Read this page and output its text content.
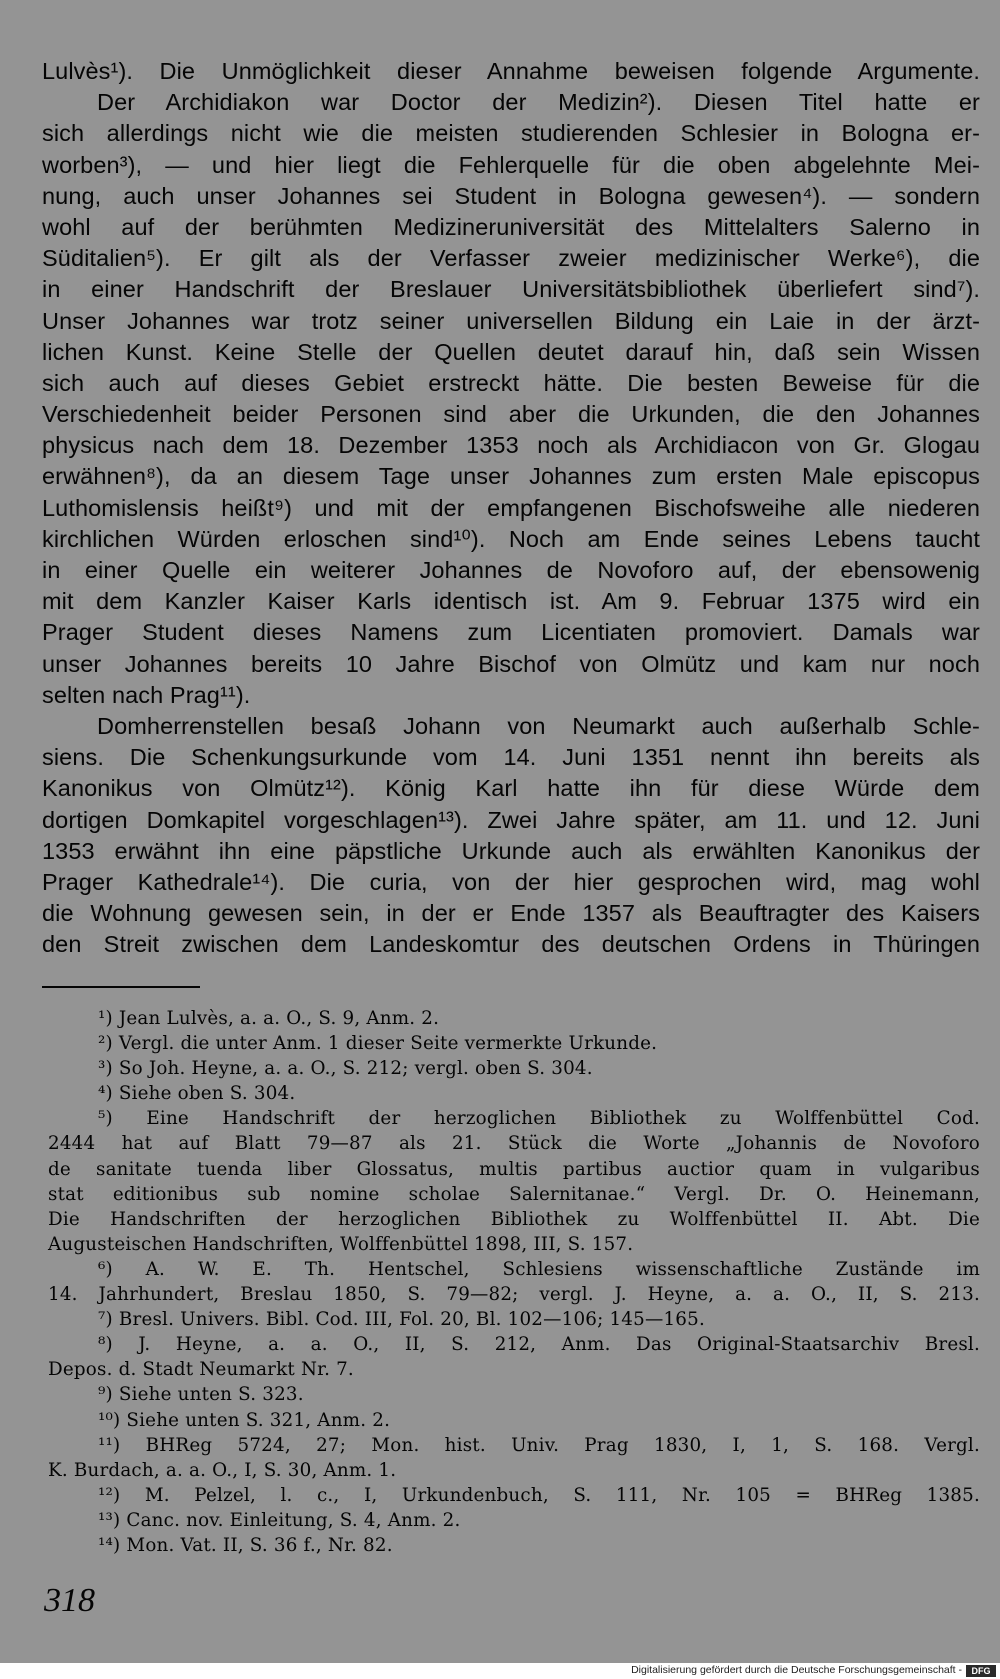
Lulvès¹). Die Unmöglichkeit dieser Annahme beweisen folgende Argumente.
Der Archidiakon war Doctor der Medizin²). Diesen Titel hatte er
sich allerdings nicht wie die meisten studierenden Schlesier in Bologna er-
worben³), — und hier liegt die Fehlerquelle für die oben abgelehnte Mei-
nung, auch unser Johannes sei Student in Bologna gewesen⁴). — sondern
wohl auf der berühmten Medizineruniversität des Mittelalters Salerno in
Süditalien⁵). Er gilt als der Verfasser zweier medizinischer Werke⁶), die
in einer Handschrift der Breslauer Universitätsbibliothek überliefert sind⁷).
Unser Johannes war trotz seiner universellen Bildung ein Laie in der ärzt-
lichen Kunst. Keine Stelle der Quellen deutet darauf hin, daß sein Wissen
sich auch auf dieses Gebiet erstreckt hätte. Die besten Beweise für die
Verschiedenheit beider Personen sind aber die Urkunden, die den Johannes
physicus nach dem 18. Dezember 1353 noch als Archidiacon von Gr. Glogau
erwähnen⁸), da an diesem Tage unser Johannes zum ersten Male episcopus
Luthomislensis heißt⁹) und mit der empfangenen Bischofsweihe alle niederen
kirchlichen Würden erloschen sind¹⁰). Noch am Ende seines Lebens taucht
in einer Quelle ein weiterer Johannes de Novoforo auf, der ebensowenig
mit dem Kanzler Kaiser Karls identisch ist. Am 9. Februar 1375 wird ein
Prager Student dieses Namens zum Licentiaten promoviert. Damals war
unser Johannes bereits 10 Jahre Bischof von Olmütz und kam nur noch
selten nach Prag¹¹).
Domherrenstellen besaß Johann von Neumarkt auch außerhalb Schle-
siens. Die Schenkungsurkunde vom 14. Juni 1351 nennt ihn bereits als
Kanonikus von Olmütz¹²). König Karl hatte ihn für diese Würde dem
dortigen Domkapitel vorgeschlagen¹³). Zwei Jahre später, am 11. und 12. Juni
1353 erwähnt ihn eine päpstliche Urkunde auch als erwählten Kanonikus der
Prager Kathedrale¹⁴). Die curia, von der hier gesprochen wird, mag wohl
die Wohnung gewesen sein, in der er Ende 1357 als Beauftragter des Kaisers
den Streit zwischen dem Landeskomtur des deutschen Ordens in Thüringen
¹) Jean Lulvès, a. a. O., S. 9, Anm. 2.
²) Vergl. die unter Anm. 1 dieser Seite vermerkte Urkunde.
³) So Joh. Heyne, a. a. O., S. 212; vergl. oben S. 304.
⁴) Siehe oben S. 304.
⁵) Eine Handschrift der herzoglichen Bibliothek zu Wolffenbüttel Cod.
2444 hat auf Blatt 79—87 als 21. Stück die Worte „Johannis de Novoforo
de sanitate tuenda liber Glossatus, multis partibus auctior quam in vulgaribus
stat editionibus sub nomine scholae Salernitanae.“ Vergl. Dr. O. Heinemann,
Die Handschriften der herzoglichen Bibliothek zu Wolffenbüttel II. Abt. Die
Augusteischen Handschriften, Wolffenbüttel 1898, III, S. 157.
⁶) A. W. E. Th. Hentschel, Schlesiens wissenschaftliche Zustände im
14. Jahrhundert, Breslau 1850, S. 79—82; vergl. J. Heyne, a. a. O., II, S. 213.
⁷) Bresl. Univers. Bibl. Cod. III, Fol. 20, Bl. 102—106; 145—165.
⁸) J. Heyne, a. a. O., II, S. 212, Anm. Das Original-Staatsarchiv Bresl.
Depos. d. Stadt Neumarkt Nr. 7.
⁹) Siehe unten S. 323.
¹⁰) Siehe unten S. 321, Anm. 2.
¹¹) BHReg 5724, 27; Mon. hist. Univ. Prag 1830, I, 1, S. 168. Vergl.
K. Burdach, a. a. O., I, S. 30, Anm. 1.
¹²) M. Pelzel, l. c., I, Urkundenbuch, S. 111, Nr. 105 = BHReg 1385.
¹³) Canc. nov. Einleitung, S. 4, Anm. 2.
¹⁴) Mon. Vat. II, S. 36 f., Nr. 82.
318
Digitalisierung gefördert durch die Deutsche Forschungsgemeinschaft -	DFG
